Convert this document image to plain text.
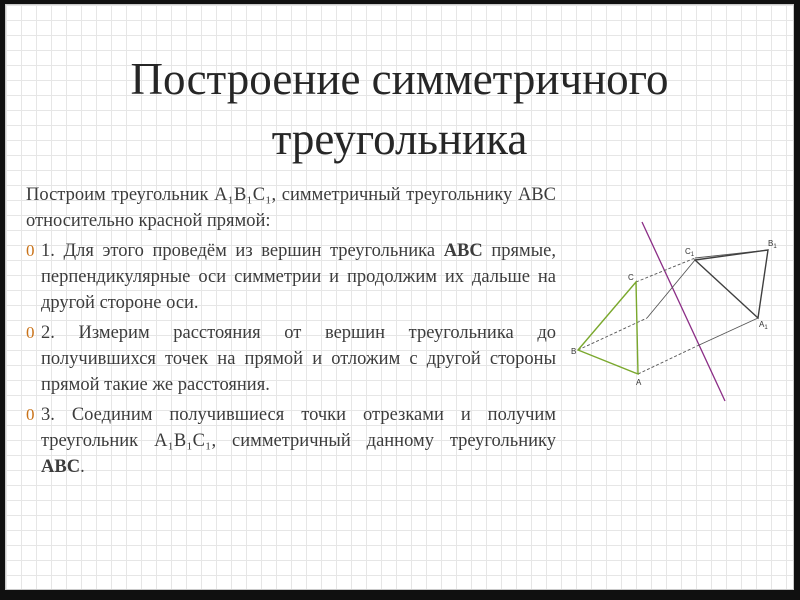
Построение симметричного
треугольника

Построим треугольник А₁В₁С₁, симметричный треугольнику АВС относительно красной прямой:

0 1. Для этого проведём из вершин треугольника АВС прямые, перпендикулярные оси симметрии и продолжим их дальше на другой стороне оси.

0 2. Измерим расстояния от вершин треугольника до получившихся точек на прямой и отложим с другой стороны прямой такие же расстояния.

0 3. Соединим получившиеся точки отрезками и получим треугольник А₁В₁С₁, симметричный данному треугольнику АВС.

C
B
A
$C_1$
$B_1$
$A_1$
